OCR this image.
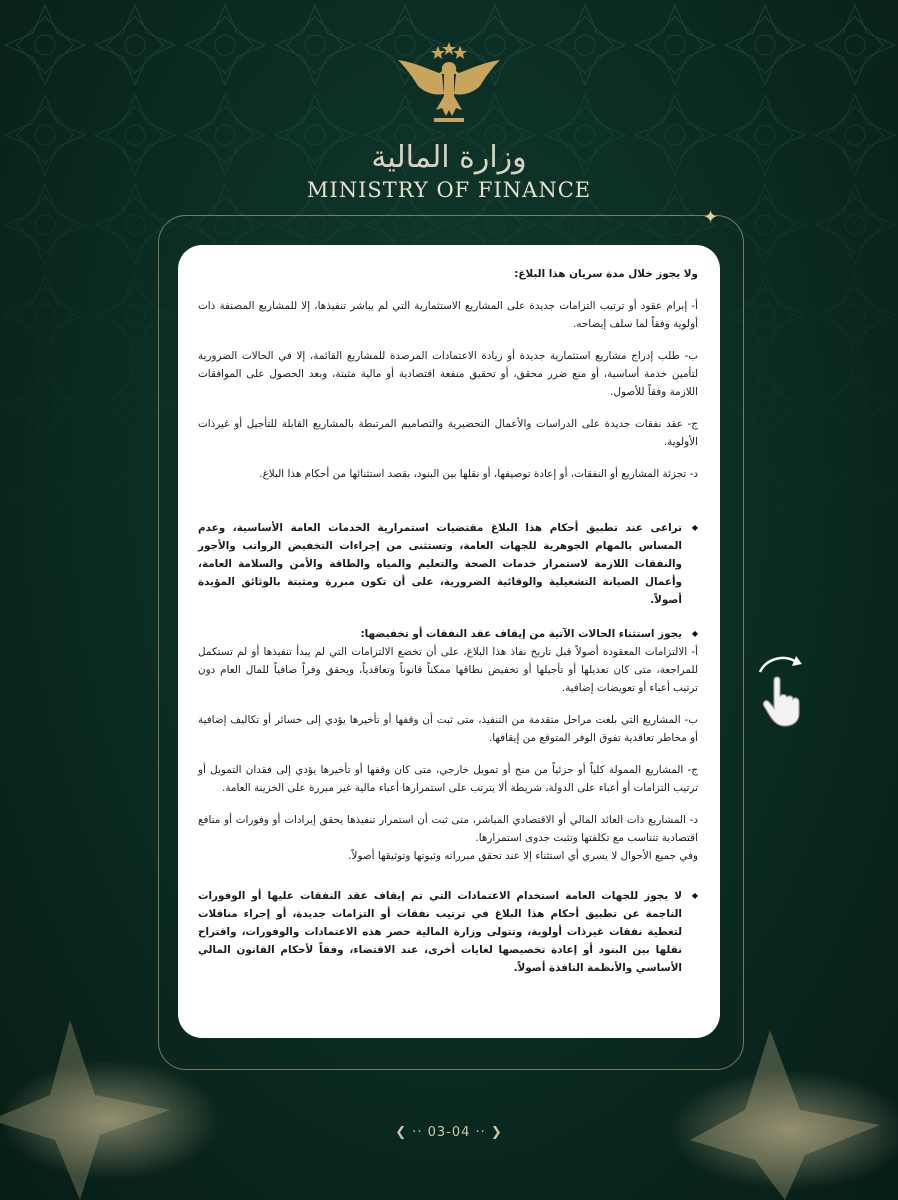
وزارة المالية
MINISTRY OF FINANCE
✦

ولا يجوز خلال مدة سريان هذا البلاغ:

أ- إبرام عقود أو ترتيب التزامات جديدة على المشاريع الاستثمارية التي لم يباشر تنفيذها، إلا للمشاريع المصنفة ذات أولوية وفقاً لما سلف إيضاحه.

ب- طلب إدراج مشاريع استثمارية جديدة أو زيادة الاعتمادات المرصدة للمشاريع القائمة، إلا في الحالات الضرورية لتأمين خدمة أساسية، أو منع ضرر محقق، أو تحقيق منفعة اقتصادية أو مالية مثبتة، وبعد الحصول على الموافقات اللازمة وفقاً للأصول.

ج- عقد نفقات جديدة على الدراسات والأعمال التحضيرية والتصاميم المرتبطة بالمشاريع القابلة للتأجيل أو غيرذات الأولوية.

د- تجزئة المشاريع أو النفقات، أو إعادة توصيفها، أو نقلها بين البنود، بقصد استثنائها من أحكام هذا البلاغ.

◆ تراعى عند تطبيق أحكام هذا البلاغ مقتضيات استمرارية الخدمات العامة الأساسية، وعدم المساس بالمهام الجوهرية للجهات العامة، وتستثنى من إجراءات التخفيض الرواتب والأجور والنفقات اللازمة لاستمرار خدمات الصحة والتعليم والمياه والطاقة والأمن والسلامة العامة، وأعمال الصيانة التشغيلية والوقائية الضرورية، على أن تكون مبررة ومثبتة بالوثائق المؤيدة أصولاً.

◆ يجوز استثناء الحالات الآتية من إيقاف عقد النفقات أو تخفيضها:

أ- الالتزامات المعقودة أصولاً قبل تاريخ نفاذ هذا البلاغ، على أن تخضع الالتزامات التي لم يبدأ تنفيذها أو لم تستكمل للمراجعة، متى كان تعديلها أو تأجيلها أو تخفيض نطاقها ممكناً قانوناً وتعاقدياً، ويحقق وفراً صافياً للمال العام دون ترتيب أعباء أو تعويضات إضافية.

ب- المشاريع التي بلغت مراحل متقدمة من التنفيذ، متى ثبت أن وقفها أو تأخيرها يؤدي إلى خسائر أو تكاليف إضافية أو مخاطر تعاقدية تفوق الوفر المتوقع من إيقافها.

ج- المشاريع الممولة كلياً أو جزئياً من منح أو تمويل خارجي، متى كان وقفها أو تأخيرها يؤدي إلى فقدان التمويل أو ترتيب التزامات أو أعباء على الدولة، شريطة ألا يترتب على استمرارها أعباء مالية غير مبررة على الخزينة العامة.

د- المشاريع ذات العائد المالي أو الاقتصادي المباشر، متى ثبت أن استمرار تنفيذها يحقق إيرادات أو وفورات أو منافع اقتصادية تتناسب مع تكلفتها وتثبت جدوى استمرارها.

وفي جميع الأحوال لا يسري أي استثناء إلا عند تحقق مبرراته وثبوتها وتوثيقها أصولاً.

◆ لا يجوز للجهات العامة استخدام الاعتمادات التي تم إيقاف عقد النفقات عليها أو الوفورات الناجمة عن تطبيق أحكام هذا البلاغ في ترتيب نفقات أو التزامات جديدة، أو إجراء مناقلات لتغطية نفقات غيرذات أولوية، وتتولى وزارة المالية حصر هذه الاعتمادات والوفورات، واقتراح نقلها بين البنود أو إعادة تخصيصها لغايات أخرى، عند الاقتضاء، وفقاً لأحكام القانون المالي الأساسي والأنظمة النافذة أصولاً.

❮ ·· 03-04 ·· ❯
